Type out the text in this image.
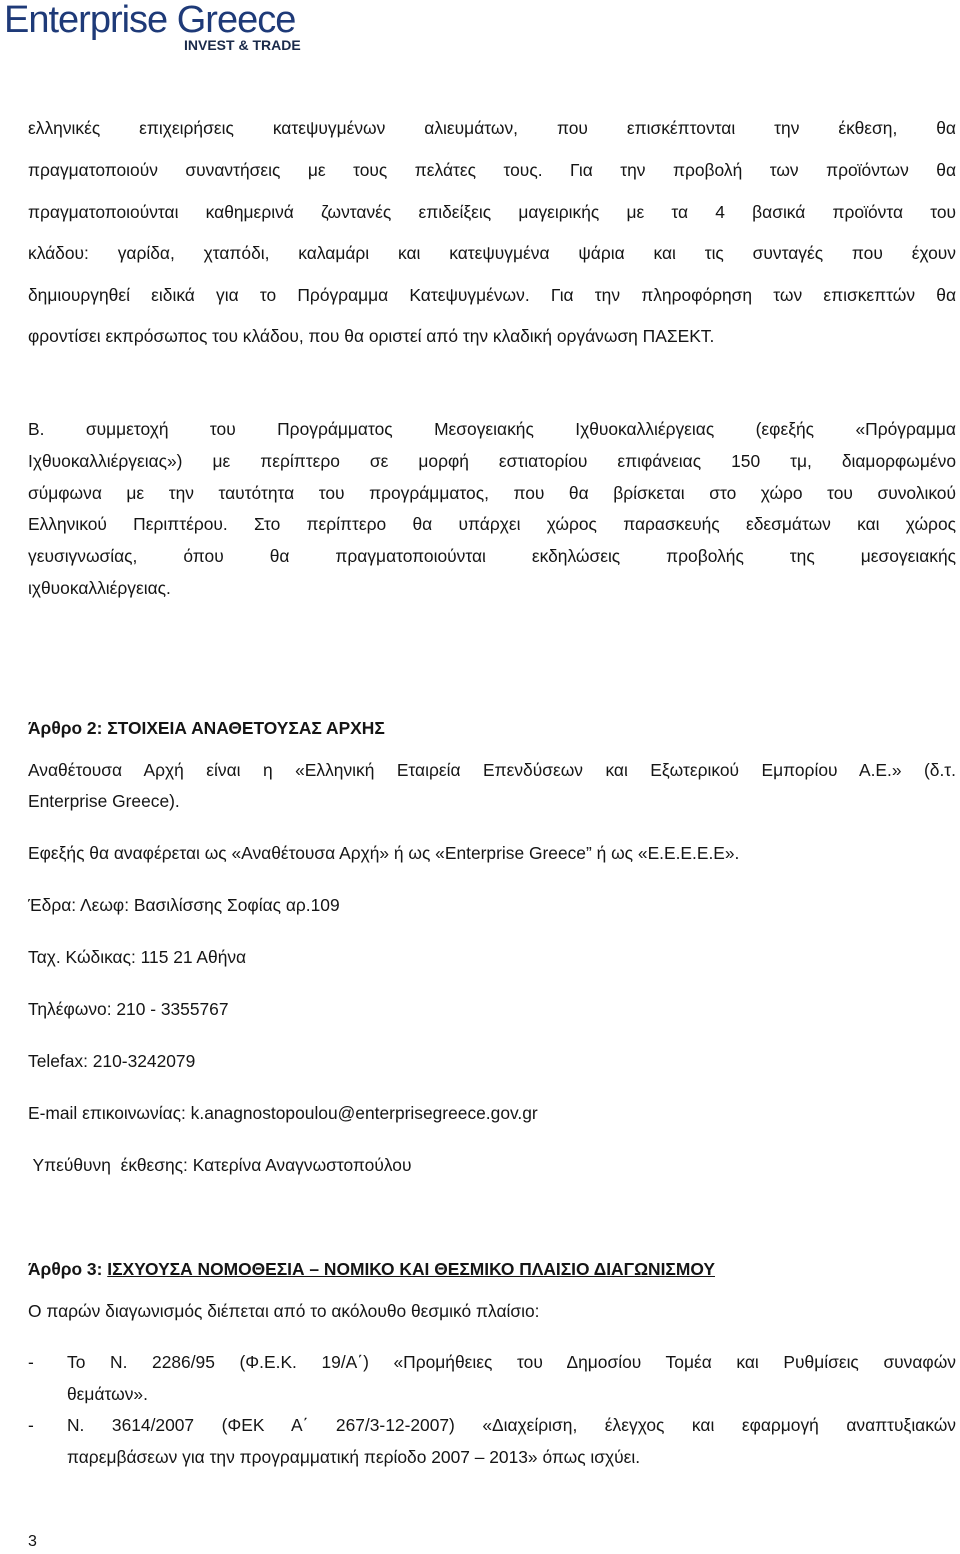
Enterprise Greece
INVEST & TRADE
ελληνικές επιχειρήσεις κατεψυγμένων αλιευμάτων, που επισκέπτονται την έκθεση, θα
πραγματοποιούν συναντήσεις με τους πελάτες τους. Για την προβολή των προϊόντων θα
πραγματοποιούνται καθημερινά ζωντανές επιδείξεις μαγειρικής με τα 4 βασικά προϊόντα του
κλάδου: γαρίδα, χταπόδι, καλαμάρι και κατεψυγμένα ψάρια και τις συνταγές που έχουν
δημιουργηθεί ειδικά για το Πρόγραμμα Κατεψυγμένων. Για την πληροφόρηση των επισκεπτών θα
φροντίσει εκπρόσωπος του κλάδου, που θα οριστεί από την κλαδική οργάνωση ΠΑΣΕΚΤ.
Β. συμμετοχή του Προγράμματος Μεσογειακής Ιχθυοκαλλιέργειας (εφεξής «Πρόγραμμα
Ιχθυοκαλλιέργειας») με περίπτερο σε μορφή εστιατορίου επιφάνειας 150 τμ, διαμορφωμένο
σύμφωνα με την ταυτότητα του προγράμματος, που θα βρίσκεται στο χώρο του συνολικού
Ελληνικού Περιπτέρου. Στο περίπτερο θα υπάρχει χώρος παρασκευής εδεσμάτων και χώρος
γευσιγνωσίας, όπου θα πραγματοποιούνται εκδηλώσεις προβολής της μεσογειακής
ιχθυοκαλλιέργειας.
Άρθρο 2: ΣΤΟΙΧΕΙΑ ΑΝΑΘΕΤΟΥΣΑΣ ΑΡΧΗΣ
Αναθέτουσα Αρχή είναι η «Ελληνική Εταιρεία Επενδύσεων και Εξωτερικού Εμπορίου Α.Ε.» (δ.τ.
Enterprise Greece).
Εφεξής θα αναφέρεται ως «Αναθέτουσα Αρχή» ή ως «Enterprise Greece” ή ως «Ε.Ε.Ε.Ε.Ε».
Έδρα: Λεωφ: Βασιλίσσης Σοφίας αρ.109
Ταχ. Κώδικας: 115 21 Αθήνα
Τηλέφωνο: 210 - 3355767
Telefax: 210-3242079
E-mail επικοινωνίας: k.anagnostopoulou@enterprisegreece.gov.gr
Υπεύθυνη  έκθεσης: Κατερίνα Αναγνωστοπούλου
Άρθρο 3: ΙΣΧΥΟΥΣΑ ΝΟΜΟΘΕΣΙΑ – ΝΟΜΙΚΟ ΚΑΙ ΘΕΣΜΙΚΟ ΠΛΑΙΣΙΟ ΔΙΑΓΩΝΙΣΜΟΥ
Ο παρών διαγωνισμός διέπεται από το ακόλουθο θεσμικό πλαίσιο:
- Το Ν. 2286/95 (Φ.Ε.Κ. 19/Α΄) «Προμήθειες του Δημοσίου Τομέα και Ρυθμίσεις συναφών
θεμάτων».
- Ν. 3614/2007 (ΦΕΚ Α΄ 267/3-12-2007) «Διαχείριση, έλεγχος και εφαρμογή αναπτυξιακών
παρεμβάσεων για την προγραμματική περίοδο 2007 – 2013» όπως ισχύει.
3
